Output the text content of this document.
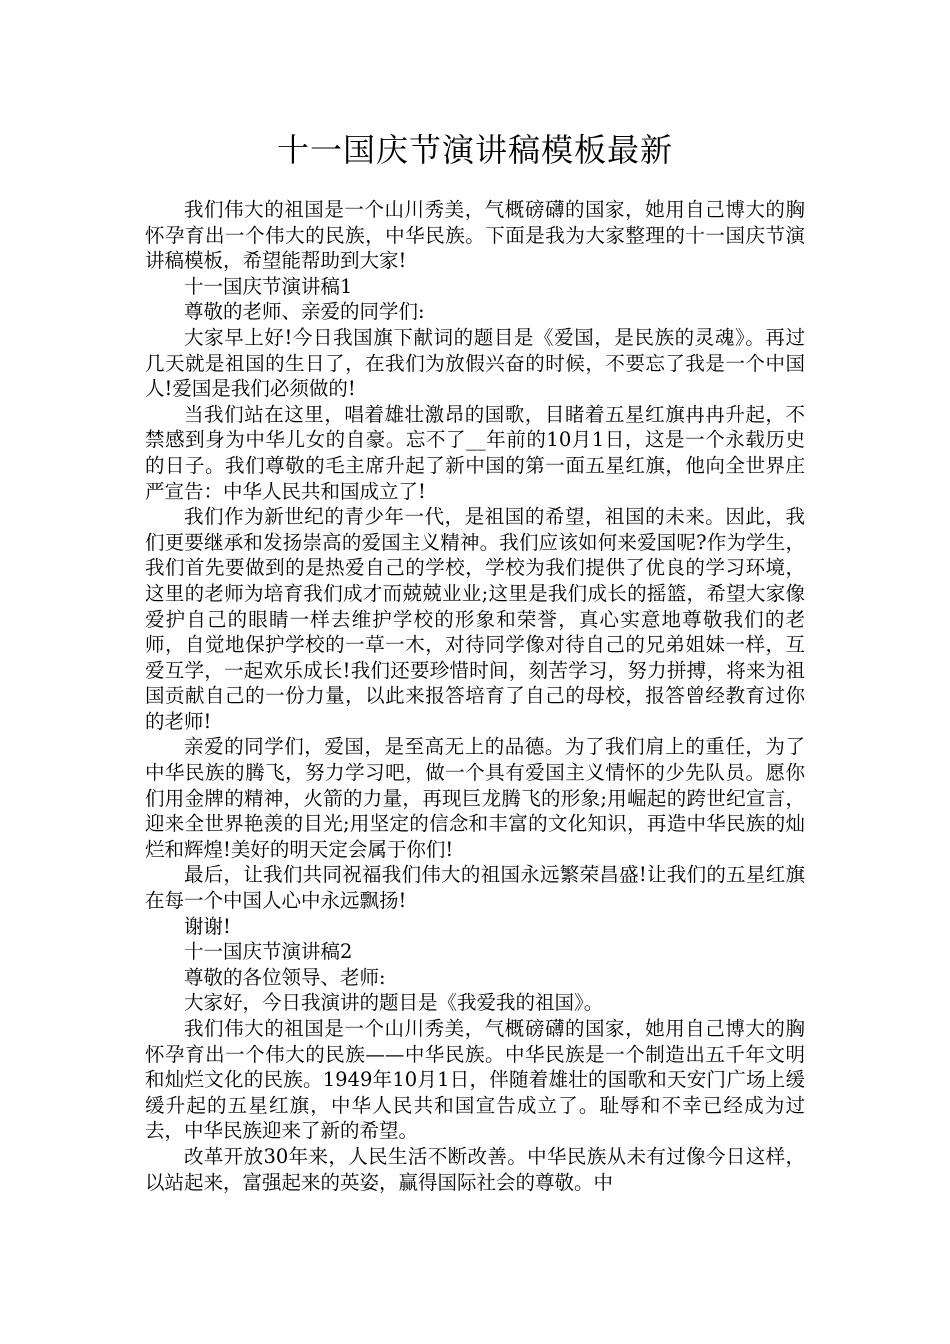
十一国庆节演讲稿模板最新

我们伟大的祖国是一个山川秀美，气概磅礴的国家，她用自己博大的胸怀孕育出一个伟大的民族，中华民族。下面是我为大家整理的十一国庆节演讲稿模板，希望能帮助到大家!

十一国庆节演讲稿1

尊敬的老师、亲爱的同学们:

大家早上好!今日我国旗下献词的题目是《爱国，是民族的灵魂》。再过几天就是祖国的生日了，在我们为放假兴奋的时候，不要忘了我是一个中国人!爱国是我们必须做的!

当我们站在这里，唱着雄壮激昂的国歌，目睹着五星红旗冉冉升起，不禁感到身为中华儿女的自豪。忘不了__年前的10月1日，这是一个永载历史的日子。我们尊敬的毛主席升起了新中国的第一面五星红旗，他向全世界庄严宣告：中华人民共和国成立了!

我们作为新世纪的青少年一代，是祖国的希望，祖国的未来。因此，我们更要继承和发扬崇高的爱国主义精神。我们应该如何来爱国呢?作为学生，我们首先要做到的是热爱自己的学校，学校为我们提供了优良的学习环境，这里的老师为培育我们成才而兢兢业业;这里是我们成长的摇篮，希望大家像爱护自己的眼睛一样去维护学校的形象和荣誉，真心实意地尊敬我们的老师，自觉地保护学校的一草一木，对待同学像对待自己的兄弟姐妹一样，互爱互学，一起欢乐成长!我们还要珍惜时间，刻苦学习，努力拼搏，将来为祖国贡献自己的一份力量，以此来报答培育了自己的母校，报答曾经教育过你的老师!

亲爱的同学们，爱国，是至高无上的品德。为了我们肩上的重任，为了中华民族的腾飞，努力学习吧，做一个具有爱国主义情怀的少先队员。愿你们用金牌的精神，火箭的力量，再现巨龙腾飞的形象;用崛起的跨世纪宣言，迎来全世界艳羡的目光;用坚定的信念和丰富的文化知识，再造中华民族的灿烂和辉煌!美好的明天定会属于你们!

最后，让我们共同祝福我们伟大的祖国永远繁荣昌盛!让我们的五星红旗在每一个中国人心中永远飘扬!

谢谢!

十一国庆节演讲稿2

尊敬的各位领导、老师:

大家好，今日我演讲的题目是《我爱我的祖国》。

我们伟大的祖国是一个山川秀美，气概磅礴的国家，她用自己博大的胸怀孕育出一个伟大的民族——中华民族。中华民族是一个制造出五千年文明和灿烂文化的民族。1949年10月1日，伴随着雄壮的国歌和天安门广场上缓缓升起的五星红旗，中华人民共和国宣告成立了。耻辱和不幸已经成为过去，中华民族迎来了新的希望。

改革开放30年来，人民生活不断改善。中华民族从未有过像今日这样，以站起来，富强起来的英姿，赢得国际社会的尊敬。中
